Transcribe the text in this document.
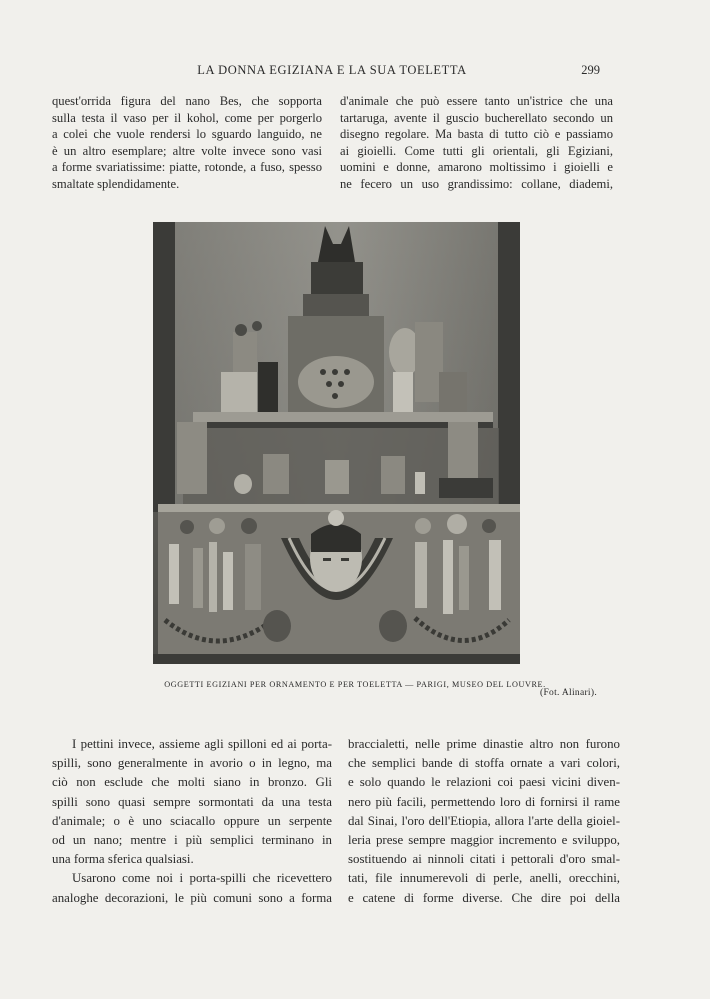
LA DONNA EGIZIANA E LA SUA TOELETTA	299
quest'orrida figura del nano Bes, che sopporta
sulla testa il vaso per il kohol, come per porgerlo
a colei che vuole rendersi lo sguardo languido, ne
è un altro esemplare; altre volte invece sono vasi
a forme svariatissime: piatte, rotonde, a fuso, spesso
smaltate splendidamente.
d'animale che può essere tanto un'istrice che una
tartaruga, avente il guscio bucherellato secondo un
disegno regolare. Ma basta di tutto ciò e passiamo
ai gioielli. Come tutti gli orientali, gli Egiziani,
uomini e donne, amarono moltissimo i gioielli e
ne fecero un uso grandissimo: collane, diademi,
OGGETTI EGIZIANI PER ORNAMENTO E PER TOELETTA — PARIGI, MUSEO DEL LOUVRE.
(Fot. Alinari).
I pettini invece, assieme agli spilloni ed ai porta-
spilli, sono generalmente in avorio o in legno, ma
ciò non esclude che molti siano in bronzo. Gli
spilli sono quasi sempre sormontati da una testa
d'animale; o è uno sciacallo oppure un serpente
od un nano; mentre i più semplici terminano in
una forma sferica qualsiasi.
Usarono come noi i porta-spilli che ricevettero
analoghe decorazioni, le più comuni sono a forma
braccialetti, nelle prime dinastie altro non furono
che semplici bande di stoffa ornate a vari colori,
e solo quando le relazioni coi paesi vicini diven-
nero più facili, permettendo loro di fornirsi il rame
dal Sinai, l'oro dell'Etiopia, allora l'arte della gioiel-
leria prese sempre maggior incremento e sviluppo,
sostituendo ai ninnoli citati i pettorali d'oro smal-
tati, file innumerevoli di perle, anelli, orecchini,
e catene di forme diverse. Che dire poi della
